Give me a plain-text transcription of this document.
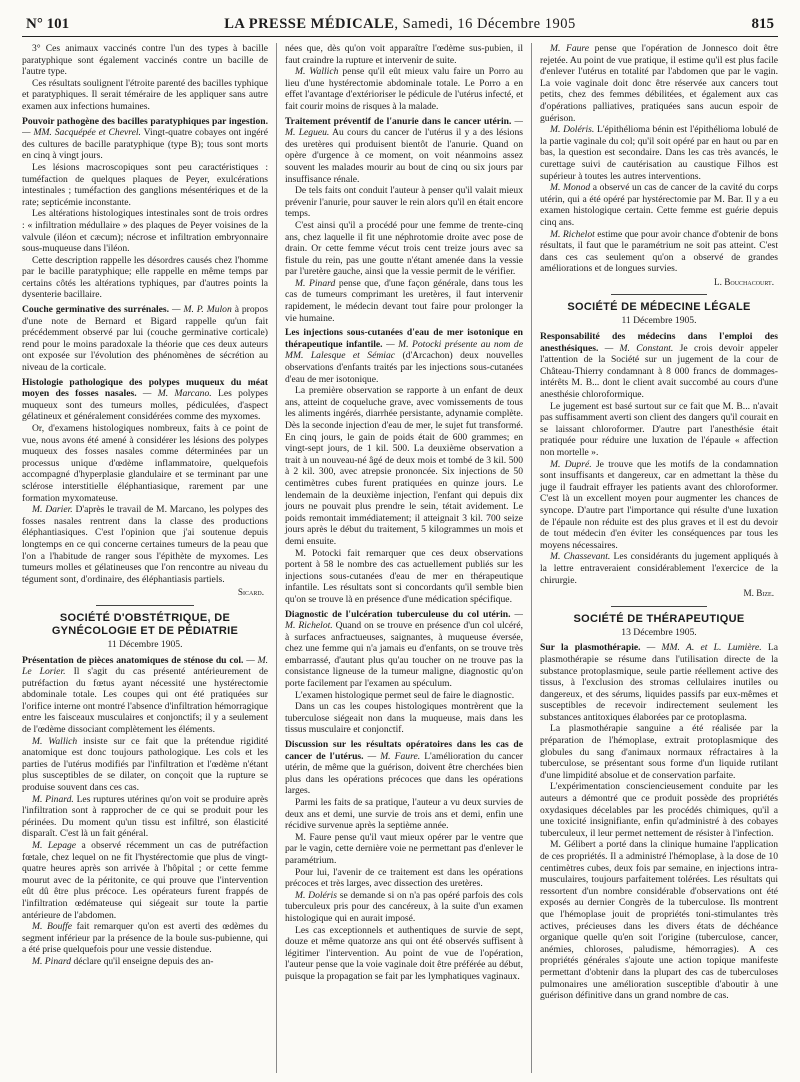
N° 101	LA PRESSE MÉDICALE, Samedi, 16 Décembre 1905	815

3° Ces animaux vaccinés contre l'un des types à bacille paratyphique sont également vaccinés contre un bacille de l'autre type.

Ces résultats soulignent l'étroite parenté des bacilles typhique et paratyphiques. Il serait téméraire de les appliquer sans autre examen aux infections humaines.

Pouvoir pathogène des bacilles paratyphiques par ingestion. — MM. Sacquépée et Chevrel. Vingt-quatre cobayes ont ingéré des cultures de bacille paratyphique (type B); tous sont morts en cinq à vingt jours.

Les lésions macroscopiques sont peu caractéristiques : tuméfaction de quelques plaques de Peyer, exulcérations intestinales ; tuméfaction des ganglions mésentériques et de la rate; septicémie inconstante.

Les altérations histologiques intestinales sont de trois ordres : « infiltration médullaire » des plaques de Peyer voisines de la valvule (iléon et cæcum); nécrose et infiltration embryonnaire sous-muqueuse dans l'iléon.

Cette description rappelle les désordres causés chez l'homme par le bacille paratyphique; elle rappelle en même temps par certains côtés les altérations typhiques, par d'autres points la dysenterie bacillaire.

Couche germinative des surrénales. — M. P. Mulon à propos d'une note de Bernard et Bigard rappelle qu'un fait précédemment observé par lui (couche germinative corticale) rend pour le moins paradoxale la théorie que ces deux auteurs ont exposée sur l'évolution des phénomènes de sécrétion au niveau de la corticale.

Histologie pathologique des polypes muqueux du méat moyen des fosses nasales. — M. Marcano. Les polypes muqueux sont des tumeurs molles, pédiculées, d'aspect gélatineux et généralement considérées comme des myxomes.

Or, d'examens histologiques nombreux, faits à ce point de vue, nous avons été amené à considérer les lésions des polypes muqueux des fosses nasales comme déterminées par un processus unique d'œdème inflammatoire, quelquefois accompagné d'hyperplasie glandulaire et se terminant par une sclérose interstitielle éléphantiasique, rarement par une formation myxomateuse.

M. Darier. D'après le travail de M. Marcano, les polypes des fosses nasales rentrent dans la classe des productions éléphantiasiques. C'est l'opinion que j'ai soutenue depuis longtemps en ce qui concerne certaines tumeurs de la peau que l'on a l'habitude de ranger sous l'épithète de myxomes. Les tumeurs molles et gélatineuses que l'on rencontre au niveau du tégument sont, d'ordinaire, des éléphantiasis partiels.

Sicard.
SOCIÉTÉ D'OBSTÉTRIQUE, DE GYNÉCOLOGIE ET DE PÉDIATRIE
11 Décembre 1905.

Présentation de pièces anatomiques de sténose du col. — M. Le Lorier. Il s'agit du cas présenté antérieurement de putréfaction du fœtus ayant nécessité une hystérectomie abdominale totale. Les coupes qui ont été pratiquées sur l'orifice interne ont montré l'absence d'infiltration hémorragique entre les faisceaux musculaires et conjonctifs; il y a seulement de l'œdème dissociant complètement les éléments.

M. Wallich insiste sur ce fait que la prétendue rigidité anatomique est donc toujours pathologique. Les cols et les parties de l'utérus modifiés par l'infiltration et l'œdème n'étant plus susceptibles de se dilater, on conçoit que la rupture se produise souvent dans ces cas.

M. Pinard. Les ruptures utérines qu'on voit se produire après l'infiltration sont à rapprocher de ce qui se produit pour les périnées. Du moment qu'un tissu est infiltré, son élasticité disparaît. C'est là un fait général.

M. Lepage a observé récemment un cas de putréfaction fœtale, chez lequel on ne fit l'hystérectomie que plus de vingt-quatre heures après son arrivée à l'hôpital ; or cette femme mourut avec de la péritonite, ce qui prouve que l'intervention eût dû être plus précoce. Les opérateurs furent frappés de l'infiltration œdémateuse qui siégeait sur toute la partie antérieure de l'abdomen.

M. Bouffe fait remarquer qu'on est averti des œdèmes du segment inférieur par la présence de la boule sus-pubienne, qui a été prise quelquefois pour une vessie distendue.

M. Pinard déclare qu'il enseigne depuis des an-

nées que, dès qu'on voit apparaître l'œdème sus-pubien, il faut craindre la rupture et intervenir de suite.

M. Wallich pense qu'il eût mieux valu faire un Porro au lieu d'une hystérectomie abdominale totale. Le Porro a en effet l'avantage d'extérioriser le pédicule de l'utérus infecté, et fait courir moins de risques à la malade.

Traitement préventif de l'anurie dans le cancer utérin. — M. Legueu. Au cours du cancer de l'utérus il y a des lésions des uretères qui produisent bientôt de l'anurie. Quand on opère d'urgence à ce moment, on voit néanmoins assez souvent les malades mourir au bout de cinq ou six jours par insuffisance rénale.

De tels faits ont conduit l'auteur à penser qu'il valait mieux prévenir l'anurie, pour sauver le rein alors qu'il en était encore temps.

C'est ainsi qu'il a procédé pour une femme de trente-cinq ans, chez laquelle il fit une néphrotomie droite avec pose de drain. Or cette femme vécut trois cent treize jours avec sa fistule du rein, pas une goutte n'étant amenée dans la vessie par l'uretère gauche, ainsi que la vessie permit de le vérifier.

M. Pinard pense que, d'une façon générale, dans tous les cas de tumeurs comprimant les uretères, il faut intervenir rapidement, le médecin devant tout faire pour prolonger la vie humaine.

Les injections sous-cutanées d'eau de mer isotonique en thérapeutique infantile. — M. Potocki présente au nom de MM. Lalesque et Sémiac (d'Arcachon) deux nouvelles observations d'enfants traités par les injections sous-cutanées d'eau de mer isotonique.

La première observation se rapporte à un enfant de deux ans, atteint de coqueluche grave, avec vomissements de tous les aliments ingérés, diarrhée persistante, adynamie complète. Dès la seconde injection d'eau de mer, le sujet fut transformé. En cinq jours, le gain de poids était de 600 grammes; en vingt-sept jours, de 1 kil. 500. La deuxième observation a trait à un nouveau-né âgé de deux mois et tombé de 3 kil. 500 à 2 kil. 300, avec atrepsie prononcée. Six injections de 50 centimètres cubes furent pratiquées en quinze jours. Le lendemain de la deuxième injection, l'enfant qui depuis dix jours ne pouvait plus prendre le sein, tétait avidement. Le poids remontait immédiatement; il atteignait 3 kil. 700 seize jours après le début du traitement, 5 kilogrammes un mois et demi ensuite.

M. Potocki fait remarquer que ces deux observations portent à 58 le nombre des cas actuellement publiés sur les injections sous-cutanées d'eau de mer en thérapeutique infantile. Les résultats sont si concordants qu'il semble bien qu'on se trouve là en présence d'une médication spécifique.

Diagnostic de l'ulcération tuberculeuse du col utérin. — M. Richelot. Quand on se trouve en présence d'un col ulcéré, à surfaces anfractueuses, saignantes, à muqueuse éversée, chez une femme qui n'a jamais eu d'enfants, on se trouve très embarrassé, d'autant plus qu'au toucher on ne trouve pas la consistance ligneuse de la tumeur maligne, diagnostic qu'on porte facilement par l'examen au spéculum.

L'examen histologique permet seul de faire le diagnostic.

Dans un cas les coupes histologiques montrèrent que la tuberculose siégeait non dans la muqueuse, mais dans les tissus musculaire et conjonctif.

Discussion sur les résultats opératoires dans les cas de cancer de l'utérus. — M. Faure. L'amélioration du cancer utérin, de même que la guérison, doivent être cherchées bien plus dans les opérations précoces que dans les opérations larges.

Parmi les faits de sa pratique, l'auteur a vu deux survies de deux ans et demi, une survie de trois ans et demi, enfin une récidive survenue après la septième année.

M. Faure pense qu'il vaut mieux opérer par le ventre que par le vagin, cette dernière voie ne permettant pas d'enlever le paramétrium.

Pour lui, l'avenir de ce traitement est dans les opérations précoces et très larges, avec dissection des uretères.

M. Doléris se demande si on n'a pas opéré parfois des cols tuberculeux pris pour des cancéreux, à la suite d'un examen histologique qui en aurait imposé.

Les cas exceptionnels et authentiques de survie de sept, douze et même quatorze ans qui ont été observés suffisent à légitimer l'intervention. Au point de vue de l'opération, l'auteur pense que la voie vaginale doit être préférée au début, puisque la propagation se fait par les lymphatiques vaginaux.

M. Faure pense que l'opération de Jonnesco doit être rejetée. Au point de vue pratique, il estime qu'il est plus facile d'enlever l'utérus en totalité par l'abdomen que par le vagin. La voie vaginale doit donc être réservée aux cancers tout petits, chez des femmes débilitées, et également aux cas d'opérations palliatives, pratiquées sans aucun espoir de guérison.

M. Doléris. L'épithélioma bénin est l'épithélioma lobulé de la partie vaginale du col; qu'il soit opéré par en haut ou par en bas, la question est secondaire. Dans les cas très avancés, le curettage suivi de cautérisation au caustique Filhos est supérieur à toutes les autres interventions.

M. Monod a observé un cas de cancer de la cavité du corps utérin, qui a été opéré par hystérectomie par M. Bar. Il y a eu examen histologique certain. Cette femme est guérie depuis cinq ans.

M. Richelot estime que pour avoir chance d'obtenir de bons résultats, il faut que le paramétrium ne soit pas atteint. C'est dans ces cas seulement qu'on a observé de grandes améliorations et de longues survies.

L. Bouchacourt.
SOCIÉTÉ DE MÉDECINE LÉGALE
11 Décembre 1905.

Responsabilité des médecins dans l'emploi des anesthésiques. — M. Constant. Je crois devoir appeler l'attention de la Société sur un jugement de la cour de Château-Thierry condamnant à 8 000 francs de dommages-intérêts M. B... dont le client avait succombé au cours d'une anesthésie chloroformique.

Le jugement est basé surtout sur ce fait que M. B... n'avait pas suffisamment averti son client des dangers qu'il courait en se laissant chloroformer. D'autre part l'anesthésie était pratiquée pour réduire une luxation de l'épaule « affection non mortelle ».

M. Dupré. Je trouve que les motifs de la condamnation sont insuffisants et dangereux, car en admettant la thèse du juge il faudrait effrayer les patients avant des chloroformer. C'est là un excellent moyen pour augmenter les chances de syncope. D'autre part l'importance qui résulte d'une luxation de l'épaule non réduite est des plus graves et il est du devoir de tout médecin d'en éviter les conséquences par tous les moyens nécessaires.

M. Chassevant. Les considérants du jugement appliqués à la lettre entraveraient considérablement l'exercice de la chirurgie.

M. Bize.
SOCIÉTÉ DE THÉRAPEUTIQUE
13 Décembre 1905.

Sur la plasmothérapie. — MM. A. et L. Lumière. La plasmothérapie se résume dans l'utilisation directe de la substance protoplasmique, seule partie réellement active des tissus, à l'exclusion des stromas cellulaires inutiles ou dangereux, et des sérums, liquides passifs par eux-mêmes et susceptibles de recevoir indirectement seulement les substances antitoxiques élaborées par ce protoplasma.

La plasmothérapie sanguine a été réalisée par la préparation de l'hémoplase, extrait protoplasmique des globules du sang d'animaux normaux réfractaires à la tuberculose, se présentant sous forme d'un liquide rutilant d'une limpidité absolue et de conservation parfaite.

L'expérimentation consciencieusement conduite par les auteurs a démontré que ce produit possède des propriétés oxydasiques décelables par les procédés chimiques, qu'il a une toxicité insignifiante, enfin qu'administré à des cobayes tuberculeux, il leur permet nettement de résister à l'infection.

M. Gélibert a porté dans la clinique humaine l'application de ces propriétés. Il a administré l'hémoplase, à la dose de 10 centimètres cubes, deux fois par semaine, en injections intra-musculaires, toujours parfaitement tolérées. Les résultats qui ressortent d'un nombre considérable d'observations ont été exposés au dernier Congrès de la tuberculose. Ils montrent que l'hémoplase jouit de propriétés toni-stimulantes très actives, précieuses dans les divers états de déchéance organique quelle qu'en soit l'origine (tuberculose, cancer, anémies, chloroses, paludisme, hémorragies). A ces propriétés générales s'ajoute une action topique manifeste permettant d'obtenir dans la plupart des cas de tuberculoses pulmonaires une amélioration susceptible d'aboutir à une guérison définitive dans un grand nombre de cas.
